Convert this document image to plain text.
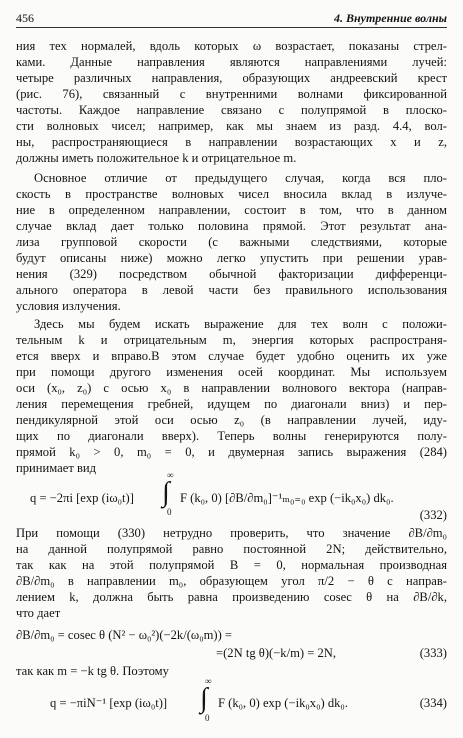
456	4. Внутренние волны
ния тех нормалей, вдоль которых ω возрастает, показаны стрел-
ками. Данные направления являются направлениями лучей:
четыре различных направления, образующих андреевский крест
(рис. 76), связанный с внутренними волнами фиксированной
частоты. Каждое направление связано с полупрямой в плоско-
сти волновых чисел; например, как мы знаем из разд. 4.4, вол-
ны, распространяющиеся в направлении возрастающих x и z,
должны иметь положительное k и отрицательное m.
Основное отличие от предыдущего случая, когда вся пло-
скость в пространстве волновых чисел вносила вклад в излуче-
ние в определенном направлении, состоит в том, что в данном
случае вклад дает только половина прямой. Этот результат ана-
лиза групповой скорости (с важными следствиями, которые
будут описаны ниже) можно легко упустить при решении урав-
нения (329) посредством обычной факторизации дифференци-
ального оператора в левой части без правильного использования
условия излучения.
Здесь мы будем искать выражение для тех волн с положи-
тельным k и отрицательным m, энергия которых распространя-
ется вверх и вправо.В этом случае будет удобно оценить их уже
при помощи другого изменения осей координат. Мы используем
оси (x₀, z₀) с осью x₀ в направлении волнового вектора (направ-
ления перемещения гребней, идущем по диагонали вниз) и пер-
пендикулярной этой оси осью z₀ (в направлении лучей, иду-
щих по диагонали вверх). Теперь волны генерируются полу-
прямой k₀ > 0, m₀ = 0, и двумерная запись выражения (284)
принимает вид
При помощи (330) нетрудно проверить, что значение ∂B/∂m₀
на данной полупрямой равно постоянной 2N; действительно,
так как на этой полупрямой B = 0, нормальная производная
∂B/∂m₀ в направлении m₀, образующем угол π/2 − θ с направ-
лением k, должна быть равна произведению cosec θ на ∂B/∂k,
что дает
q = −2πi [exp (iω₀t)]
∞
∫
0
F (k₀, 0) [∂B/∂m₀]⁻¹ₘ₀₌₀ exp (−ik₀x₀) dk₀.
(332)
∂B/∂m₀ = cosec θ (N² − ω₀²)(−2k/(ω₀m)) =
=(2N tg θ)(−k/m) = 2N,	(333)
так как m = −k tg θ. Поэтому
q = −πiN⁻¹ [exp (iω₀t)]
∞
∫
0
F (k₀, 0) exp (−ik₀x₀) dk₀.	(334)
